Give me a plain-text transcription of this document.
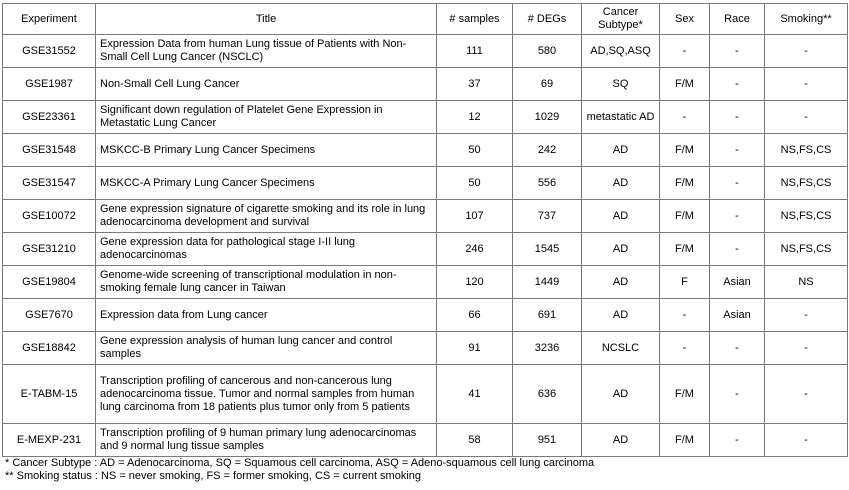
Experiment	Title	# samples	# DEGs	Cancer Subtype*	Sex	Race	Smoking**
GSE31552	Expression Data from human Lung tissue of Patients with Non-Small Cell Lung Cancer (NSCLC)	111	580	AD,SQ,ASQ	-	-	-
GSE1987	Non-Small Cell Lung Cancer	37	69	SQ	F/M	-	-
GSE23361	Significant down regulation of Platelet Gene Expression in Metastatic Lung Cancer	12	1029	metastatic AD	-	-	-
GSE31548	MSKCC-B Primary Lung Cancer Specimens	50	242	AD	F/M	-	NS,FS,CS
GSE31547	MSKCC-A Primary Lung Cancer Specimens	50	556	AD	F/M	-	NS,FS,CS
GSE10072	Gene expression signature of cigarette smoking and its role in lung adenocarcinoma development and survival	107	737	AD	F/M	-	NS,FS,CS
GSE31210	Gene expression data for pathological stage I-II lung adenocarcinomas	246	1545	AD	F/M	-	NS,FS,CS
GSE19804	Genome-wide screening of transcriptional modulation in non-smoking female lung cancer in Taiwan	120	1449	AD	F	Asian	NS
GSE7670	Expression data from Lung cancer	66	691	AD	-	Asian	-
GSE18842	Gene expression analysis of human lung cancer and control samples	91	3236	NCSLC	-	-	-
E-TABM-15	Transcription profiling of cancerous and non-cancerous lung adenocarcinoma tissue. Tumor and normal samples from human lung carcinoma from 18 patients plus tumor only from 5 patients	41	636	AD	F/M	-	-
E-MEXP-231	Transcription profiling of 9 human primary lung adenocarcinomas and 9 normal lung tissue samples	58	951	AD	F/M	-	-
* Cancer Subtype : AD = Adenocarcinoma, SQ = Squamous cell carcinoma, ASQ = Adeno-squamous cell lung carcinoma
** Smoking status : NS = never smoking, FS = former smoking, CS = current smoking
